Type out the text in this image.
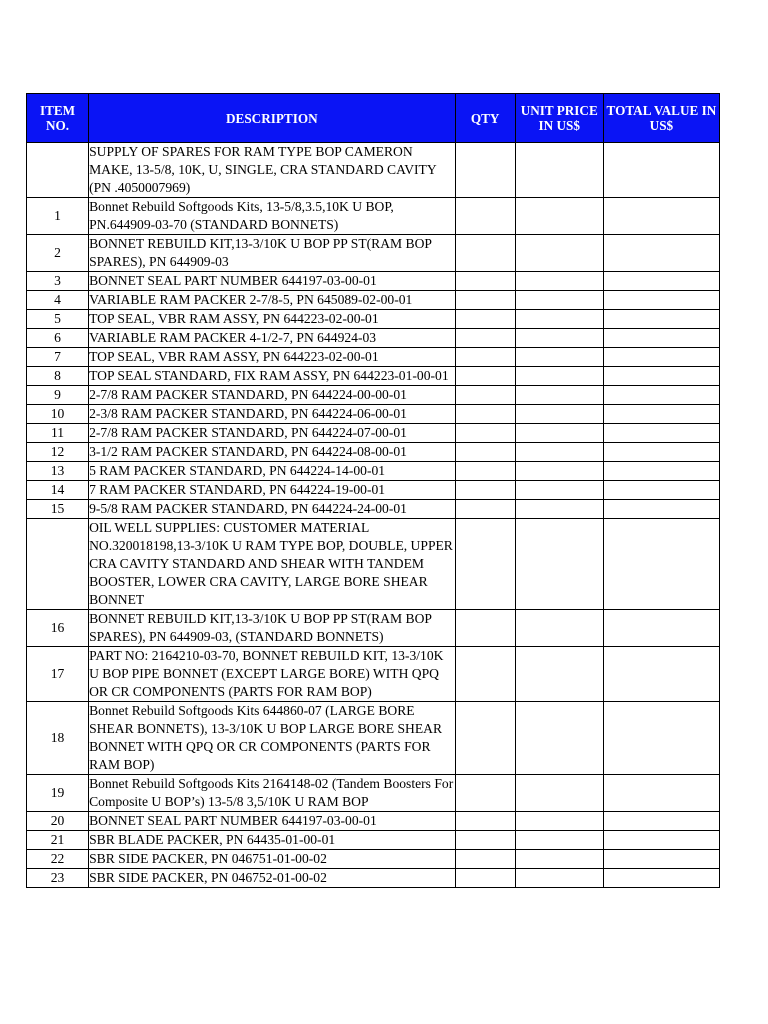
ITEM NO.	DESCRIPTION	QTY	UNIT PRICE IN US$	TOTAL VALUE IN US$
	SUPPLY OF SPARES FOR RAM TYPE BOP CAMERON MAKE, 13-5/8, 10K, U, SINGLE, CRA STANDARD CAVITY (PN .4050007969)			
1	Bonnet Rebuild Softgoods Kits, 13-5/8,3.5,10K U BOP, PN.644909-03-70 (STANDARD BONNETS)			
2	BONNET REBUILD KIT,13-3/10K U BOP PP ST(RAM BOP SPARES), PN 644909-03			
3	BONNET SEAL PART NUMBER 644197-03-00-01			
4	VARIABLE RAM PACKER 2-7/8-5, PN 645089-02-00-01			
5	TOP SEAL, VBR RAM ASSY, PN 644223-02-00-01			
6	VARIABLE RAM PACKER 4-1/2-7, PN 644924-03			
7	TOP SEAL, VBR RAM ASSY, PN 644223-02-00-01			
8	TOP SEAL STANDARD, FIX RAM ASSY, PN 644223-01-00-01			
9	2-7/8 RAM PACKER STANDARD, PN 644224-00-00-01			
10	2-3/8 RAM PACKER STANDARD, PN 644224-06-00-01			
11	2-7/8 RAM PACKER STANDARD, PN 644224-07-00-01			
12	3-1/2 RAM PACKER STANDARD, PN 644224-08-00-01			
13	5 RAM PACKER STANDARD, PN 644224-14-00-01			
14	7 RAM PACKER STANDARD, PN 644224-19-00-01			
15	9-5/8 RAM PACKER STANDARD, PN 644224-24-00-01			
	OIL WELL SUPPLIES: CUSTOMER MATERIAL NO.320018198,13-3/10K U RAM TYPE BOP, DOUBLE, UPPER CRA CAVITY STANDARD AND SHEAR WITH TANDEM BOOSTER, LOWER CRA CAVITY, LARGE BORE SHEAR BONNET			
16	BONNET REBUILD KIT,13-3/10K U BOP PP ST(RAM BOP SPARES), PN 644909-03, (STANDARD BONNETS)			
17	PART NO: 2164210-03-70, BONNET REBUILD KIT, 13-3/10K U BOP PIPE BONNET (EXCEPT LARGE BORE) WITH QPQ OR CR COMPONENTS (PARTS FOR RAM BOP)			
18	Bonnet Rebuild Softgoods Kits 644860-07 (LARGE BORE SHEAR BONNETS), 13-3/10K U BOP LARGE BORE SHEAR BONNET WITH QPQ OR CR COMPONENTS (PARTS FOR RAM BOP)			
19	Bonnet Rebuild Softgoods Kits 2164148-02 (Tandem Boosters For Composite U BOP’s) 13-5/8 3,5/10K U RAM BOP			
20	BONNET SEAL PART NUMBER 644197-03-00-01			
21	SBR BLADE PACKER, PN 64435-01-00-01			
22	SBR SIDE PACKER, PN 046751-01-00-02			
23	SBR SIDE PACKER, PN 046752-01-00-02			
